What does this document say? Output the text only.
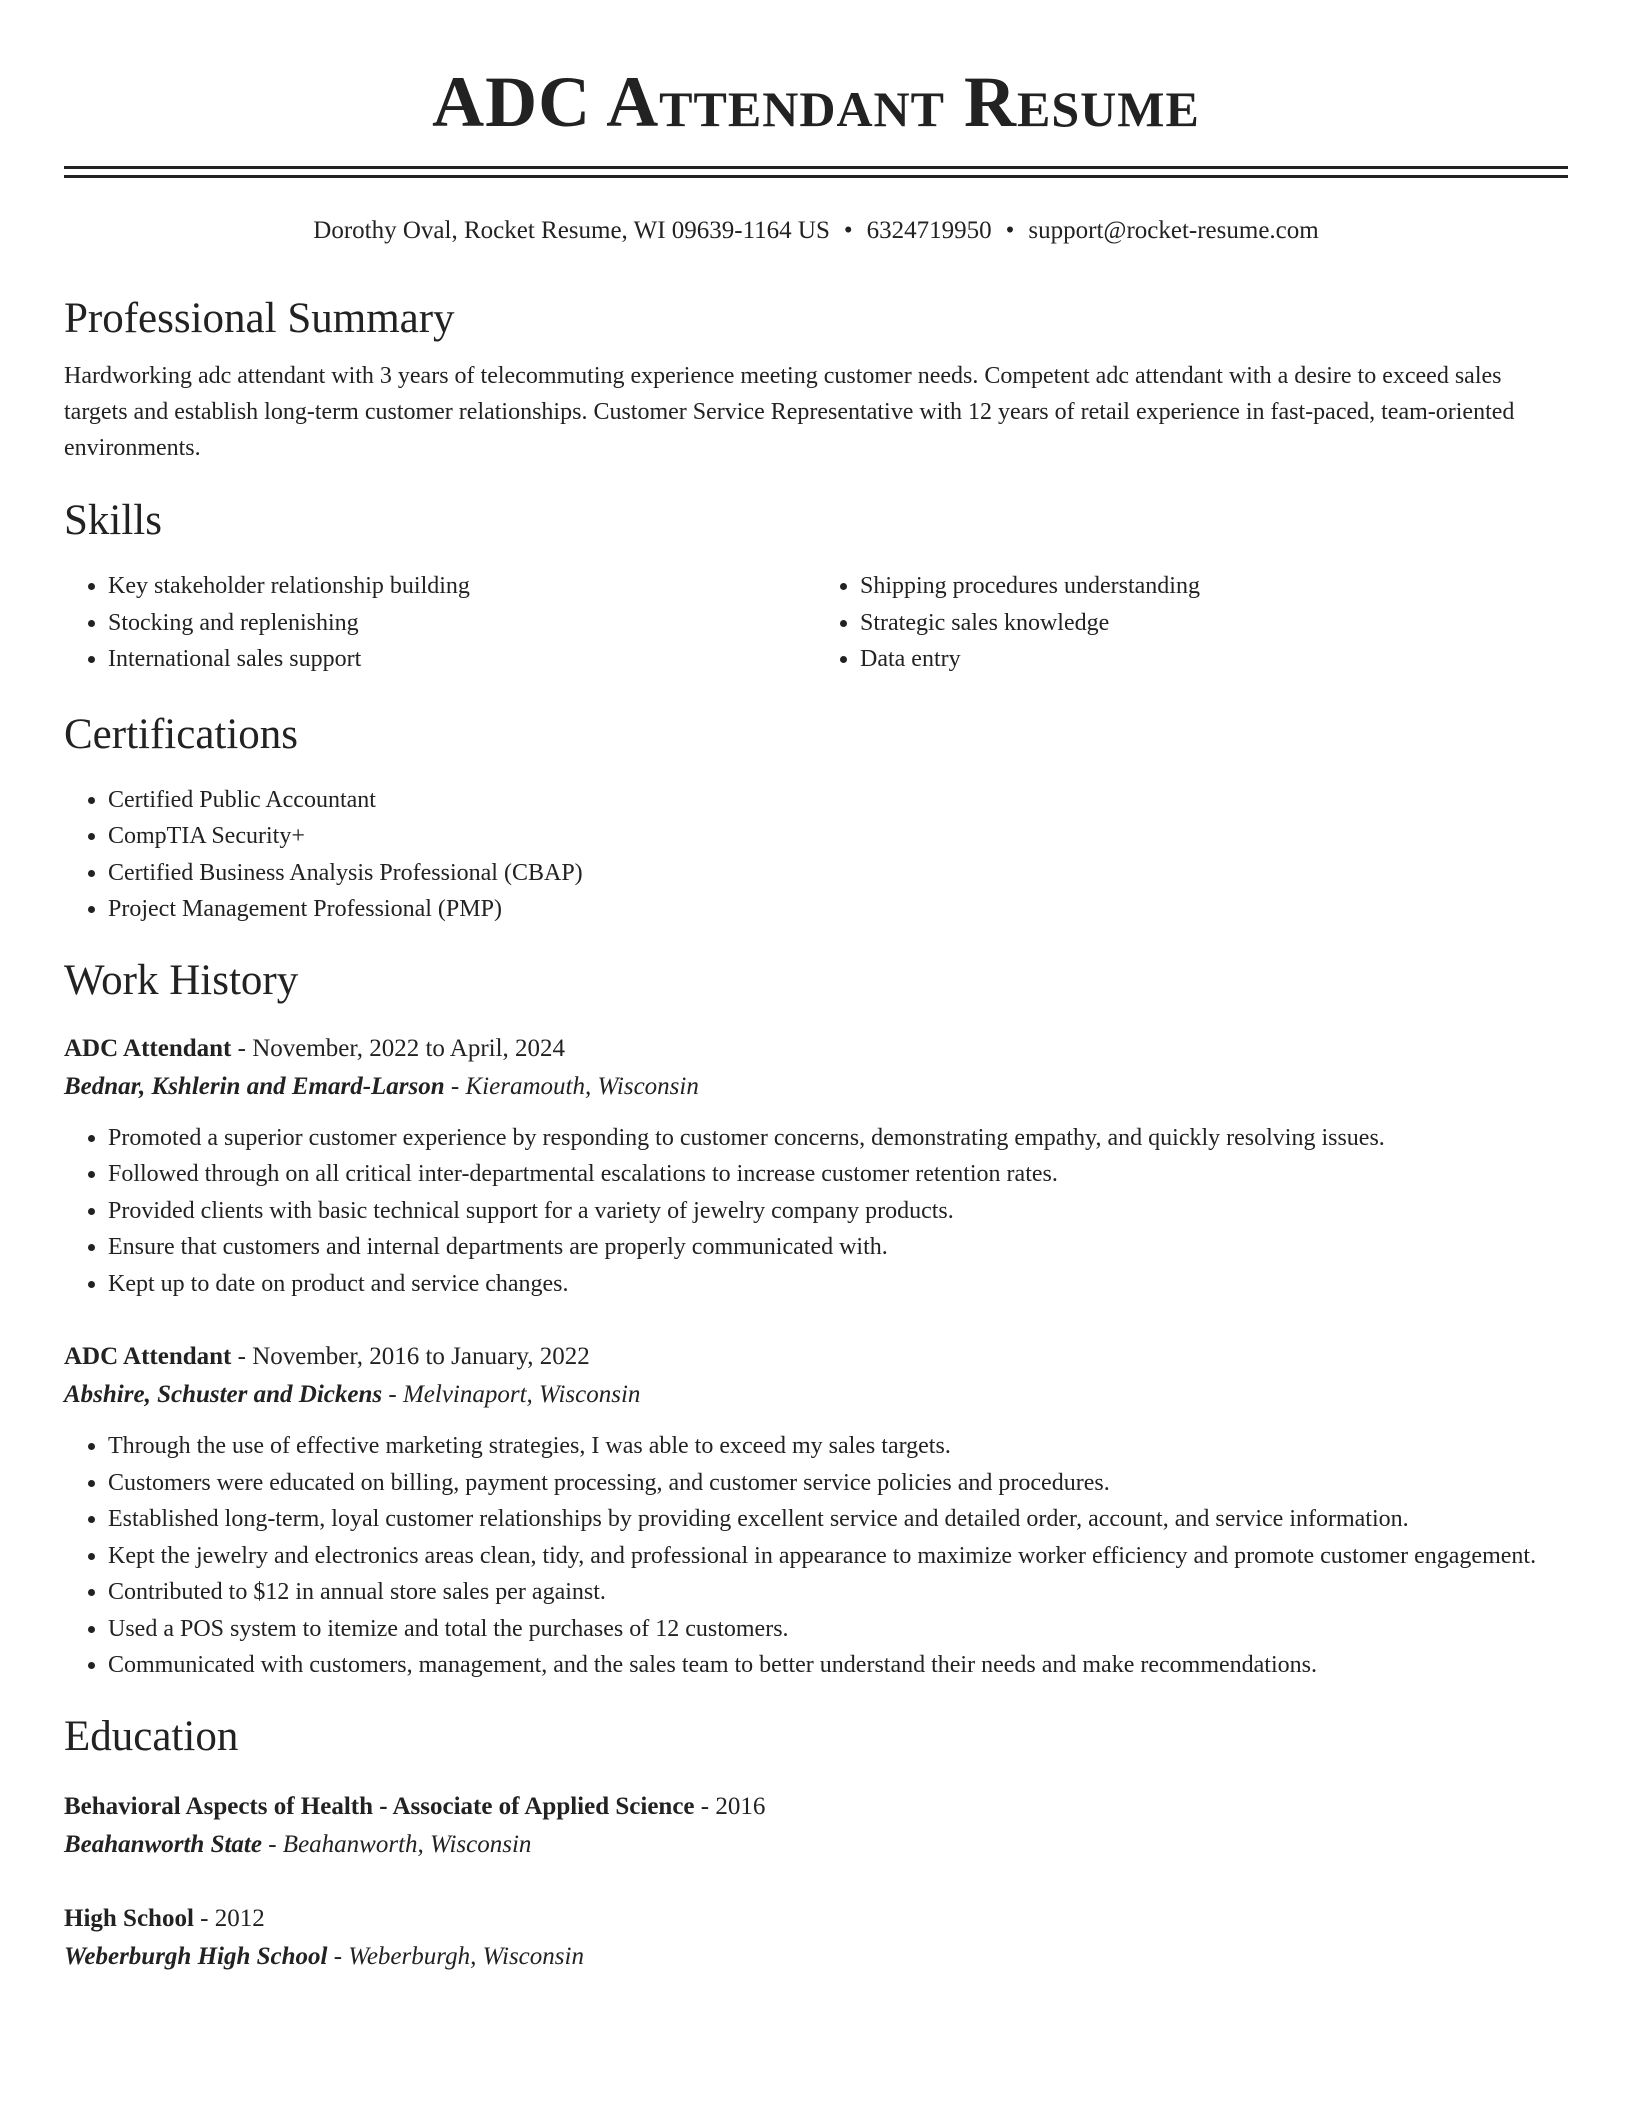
ADC Attendant Resume
Dorothy Oval, Rocket Resume, WI 09639-1164 US • 6324719950 • support@rocket-resume.com
Professional Summary

Hardworking adc attendant with 3 years of telecommuting experience meeting customer needs. Competent adc attendant with a desire to exceed sales targets and establish long-term customer relationships. Customer Service Representative with 12 years of retail experience in fast-paced, team-oriented environments.

Skills
• Key stakeholder relationship building
• Stocking and replenishing
• International sales support
• Shipping procedures understanding
• Strategic sales knowledge
• Data entry
Certifications
• Certified Public Accountant
• CompTIA Security+
• Certified Business Analysis Professional (CBAP)
• Project Management Professional (PMP)
Work History
ADC Attendant - November, 2022 to April, 2024
Bednar, Kshlerin and Emard-Larson - Kieramouth, Wisconsin
• Promoted a superior customer experience by responding to customer concerns, demonstrating empathy, and quickly resolving issues.
• Followed through on all critical inter-departmental escalations to increase customer retention rates.
• Provided clients with basic technical support for a variety of jewelry company products.
• Ensure that customers and internal departments are properly communicated with.
• Kept up to date on product and service changes.
ADC Attendant - November, 2016 to January, 2022
Abshire, Schuster and Dickens - Melvinaport, Wisconsin
• Through the use of effective marketing strategies, I was able to exceed my sales targets.
• Customers were educated on billing, payment processing, and customer service policies and procedures.
• Established long-term, loyal customer relationships by providing excellent service and detailed order, account, and service information.
• Kept the jewelry and electronics areas clean, tidy, and professional in appearance to maximize worker efficiency and promote customer engagement.
• Contributed to $12 in annual store sales per against.
• Used a POS system to itemize and total the purchases of 12 customers.
• Communicated with customers, management, and the sales team to better understand their needs and make recommendations.
Education
Behavioral Aspects of Health - Associate of Applied Science - 2016
Beahanworth State - Beahanworth, Wisconsin
High School - 2012
Weberburgh High School - Weberburgh, Wisconsin
